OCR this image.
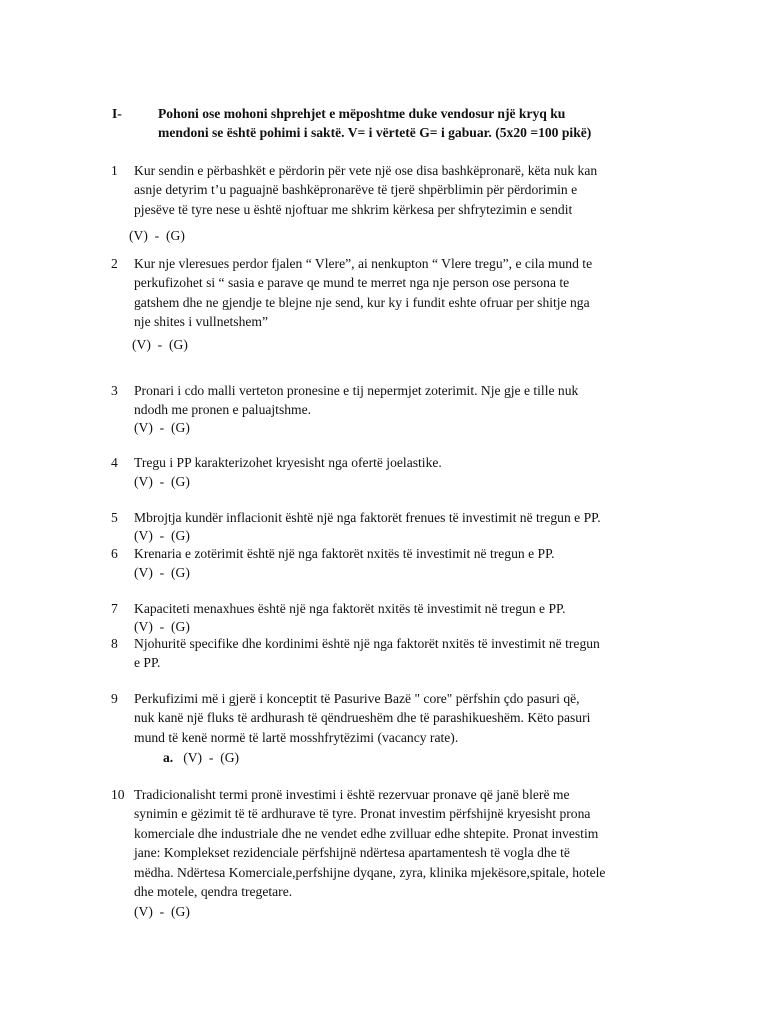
I-	Pohoni ose mohoni shprehjet e mëposhtme duke vendosur një kryq ku
mendoni se është pohimi i saktë. V= i vërtetë G= i gabuar. (5x20 =100 pikë)
1 Kur sendin e përbashkët e përdorin për vete një ose disa bashkëpronarë, këta nuk kan
asnje detyrim t’u paguajnë bashkëpronarëve të tjerë shpërblimin për përdorimin e
pjesëve të tyre nese u është njoftuar me shkrim kërkesa per shfrytezimin e sendit
(V)  -  (G)
2 Kur nje vleresues perdor fjalen “ Vlere”, ai nenkupton “ Vlere tregu”, e cila mund te
perkufizohet si “ sasia e parave qe mund te merret nga nje person ose persona te
gatshem dhe ne gjendje te blejne nje send, kur ky i fundit eshte ofruar per shitje nga
nje shites i vullnetshem”
(V)  -  (G)
3 Pronari i cdo malli verteton pronesine e tij nepermjet zoterimit. Nje gje e tille nuk
ndodh me pronen e paluajtshme.
(V)  -  (G)
4 Tregu i PP karakterizohet kryesisht nga ofertë joelastike.
(V)  -  (G)
5 Mbrojtja kundër inflacionit është një nga faktorët frenues të investimit në tregun e PP.
(V)  -  (G)
6 Krenaria e zotërimit është një nga faktorët nxitës të investimit në tregun e PP.
(V)  -  (G)
7 Kapaciteti menaxhues është një nga faktorët nxitës të investimit në tregun e PP.
(V)  -  (G)
8 Njohuritë specifike dhe kordinimi është një nga faktorët nxitës të investimit në tregun
e PP.
9 Perkufizimi më i gjerë i konceptit të Pasurive Bazë " core" përfshin çdo pasuri që,
nuk kanë një fluks të ardhurash të qëndrueshëm dhe të parashikueshëm. Këto pasuri
mund të kenë normë të lartë mosshfrytëzimi (vacancy rate).
a. (V)  -  (G)
10 Tradicionalisht termi pronë investimi i është rezervuar pronave që janë blerë me
synimin e gëzimit të të ardhurave të tyre. Pronat investim përfshijnë kryesisht prona
komerciale dhe industriale dhe ne vendet edhe zvilluar edhe shtepite. Pronat investim
jane: Komplekset rezidenciale përfshijnë ndërtesa apartamentesh të vogla dhe të
mëdha. Ndërtesa Komerciale,perfshijne dyqane, zyra, klinika mjekësore,spitale, hotele
dhe motele, qendra tregetare.
(V)  -  (G)
